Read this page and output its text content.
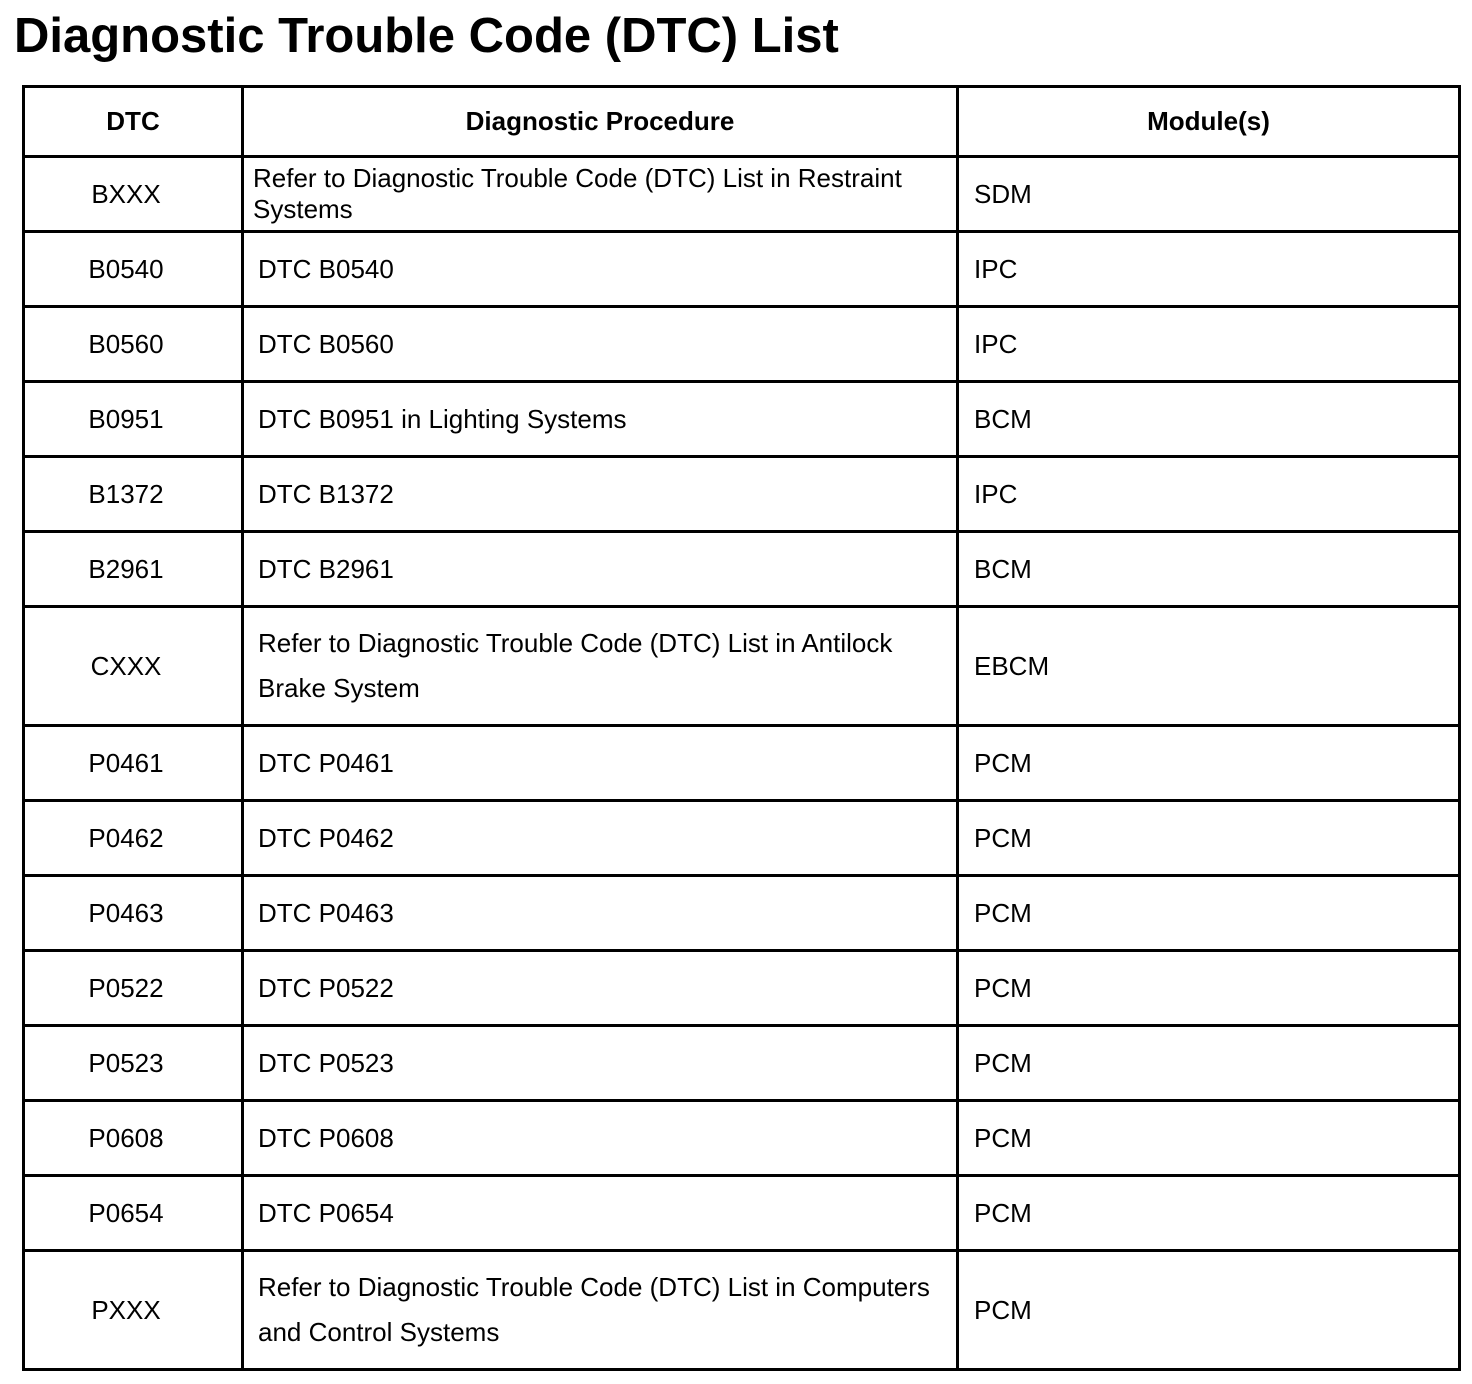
Diagnostic Trouble Code (DTC) List
DTC	Diagnostic Procedure	Module(s)
BXXX	Refer to Diagnostic Trouble Code (DTC) List in Restraint Systems	SDM
B0540	DTC B0540	IPC
B0560	DTC B0560	IPC
B0951	DTC B0951 in Lighting Systems	BCM
B1372	DTC B1372	IPC
B2961	DTC B2961	BCM
CXXX	Refer to Diagnostic Trouble Code (DTC) List in Antilock Brake System	EBCM
P0461	DTC P0461	PCM
P0462	DTC P0462	PCM
P0463	DTC P0463	PCM
P0522	DTC P0522	PCM
P0523	DTC P0523	PCM
P0608	DTC P0608	PCM
P0654	DTC P0654	PCM
PXXX	Refer to Diagnostic Trouble Code (DTC) List in Computers and Control Systems	PCM
